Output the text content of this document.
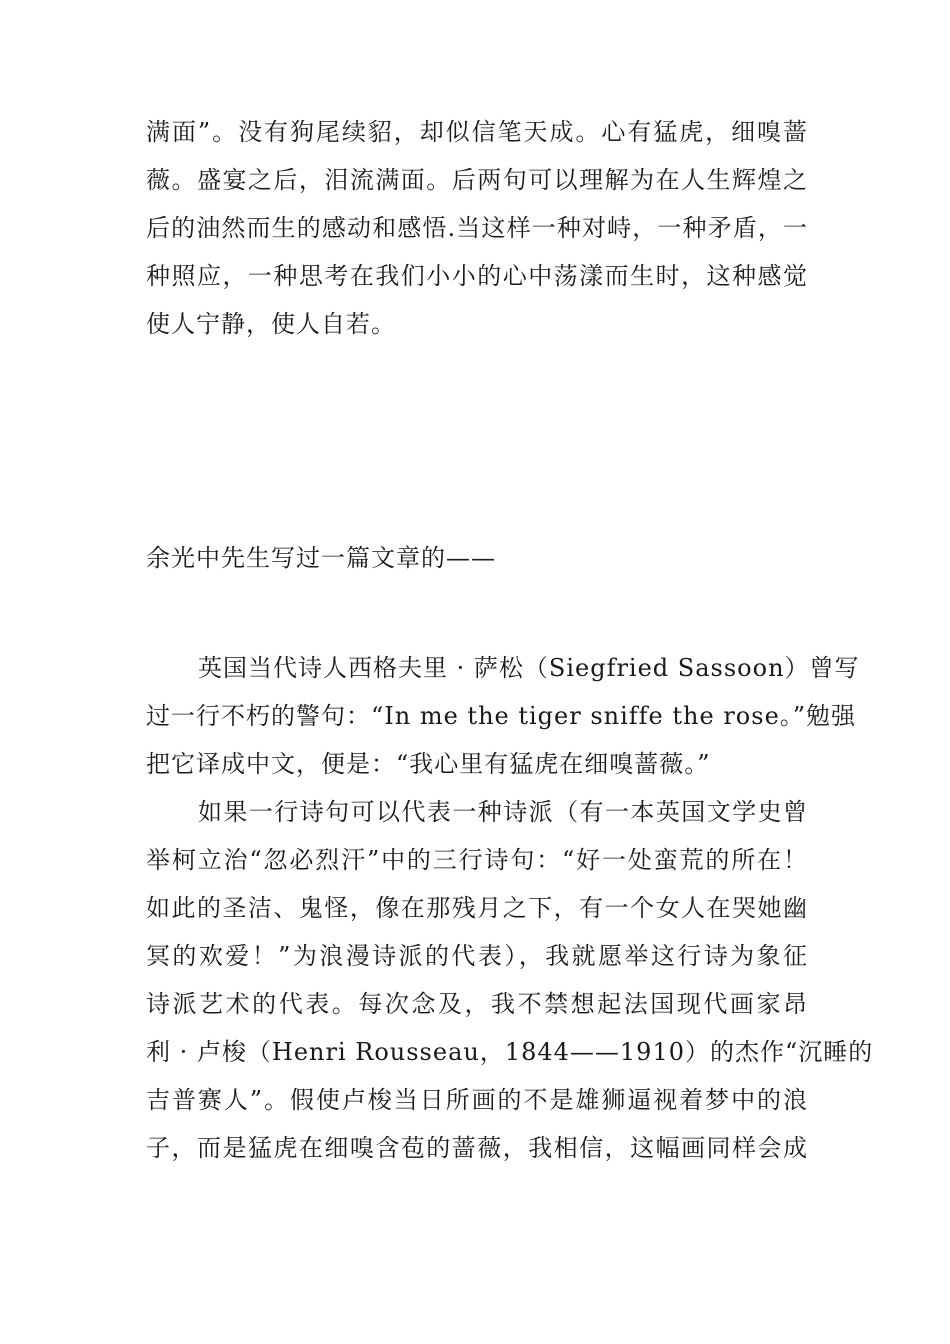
满面”。没有狗尾续貂，却似信笔天成。心有猛虎，细嗅蔷
薇。盛宴之后，泪流满面。后两句可以理解为在人生辉煌之
后的油然而生的感动和感悟.当这样一种对峙，一种矛盾，一
种照应，一种思考在我们小小的心中荡漾而生时，这种感觉
使人宁静，使人自若。
余光中先生写过一篇文章的——
英国当代诗人西格夫里 · 萨松（Siegfried Sassoon）曾写
过一行不朽的警句：“In me the tiger sniffe the rose。”勉强
把它译成中文，便是：“我心里有猛虎在细嗅蔷薇。”
如果一行诗句可以代表一种诗派（有一本英国文学史曾
举柯立治“忽必烈汗”中的三行诗句：“好一处蛮荒的所在！
如此的圣洁、鬼怪，像在那残月之下，有一个女人在哭她幽
冥的欢爱！”为浪漫诗派的代表），我就愿举这行诗为象征
诗派艺术的代表。每次念及，我不禁想起法国现代画家昂
利 · 卢梭（Henri Rousseau，1844——1910）的杰作“沉睡的
吉普赛人”。假使卢梭当日所画的不是雄狮逼视着梦中的浪
子，而是猛虎在细嗅含苞的蔷薇，我相信，这幅画同样会成
